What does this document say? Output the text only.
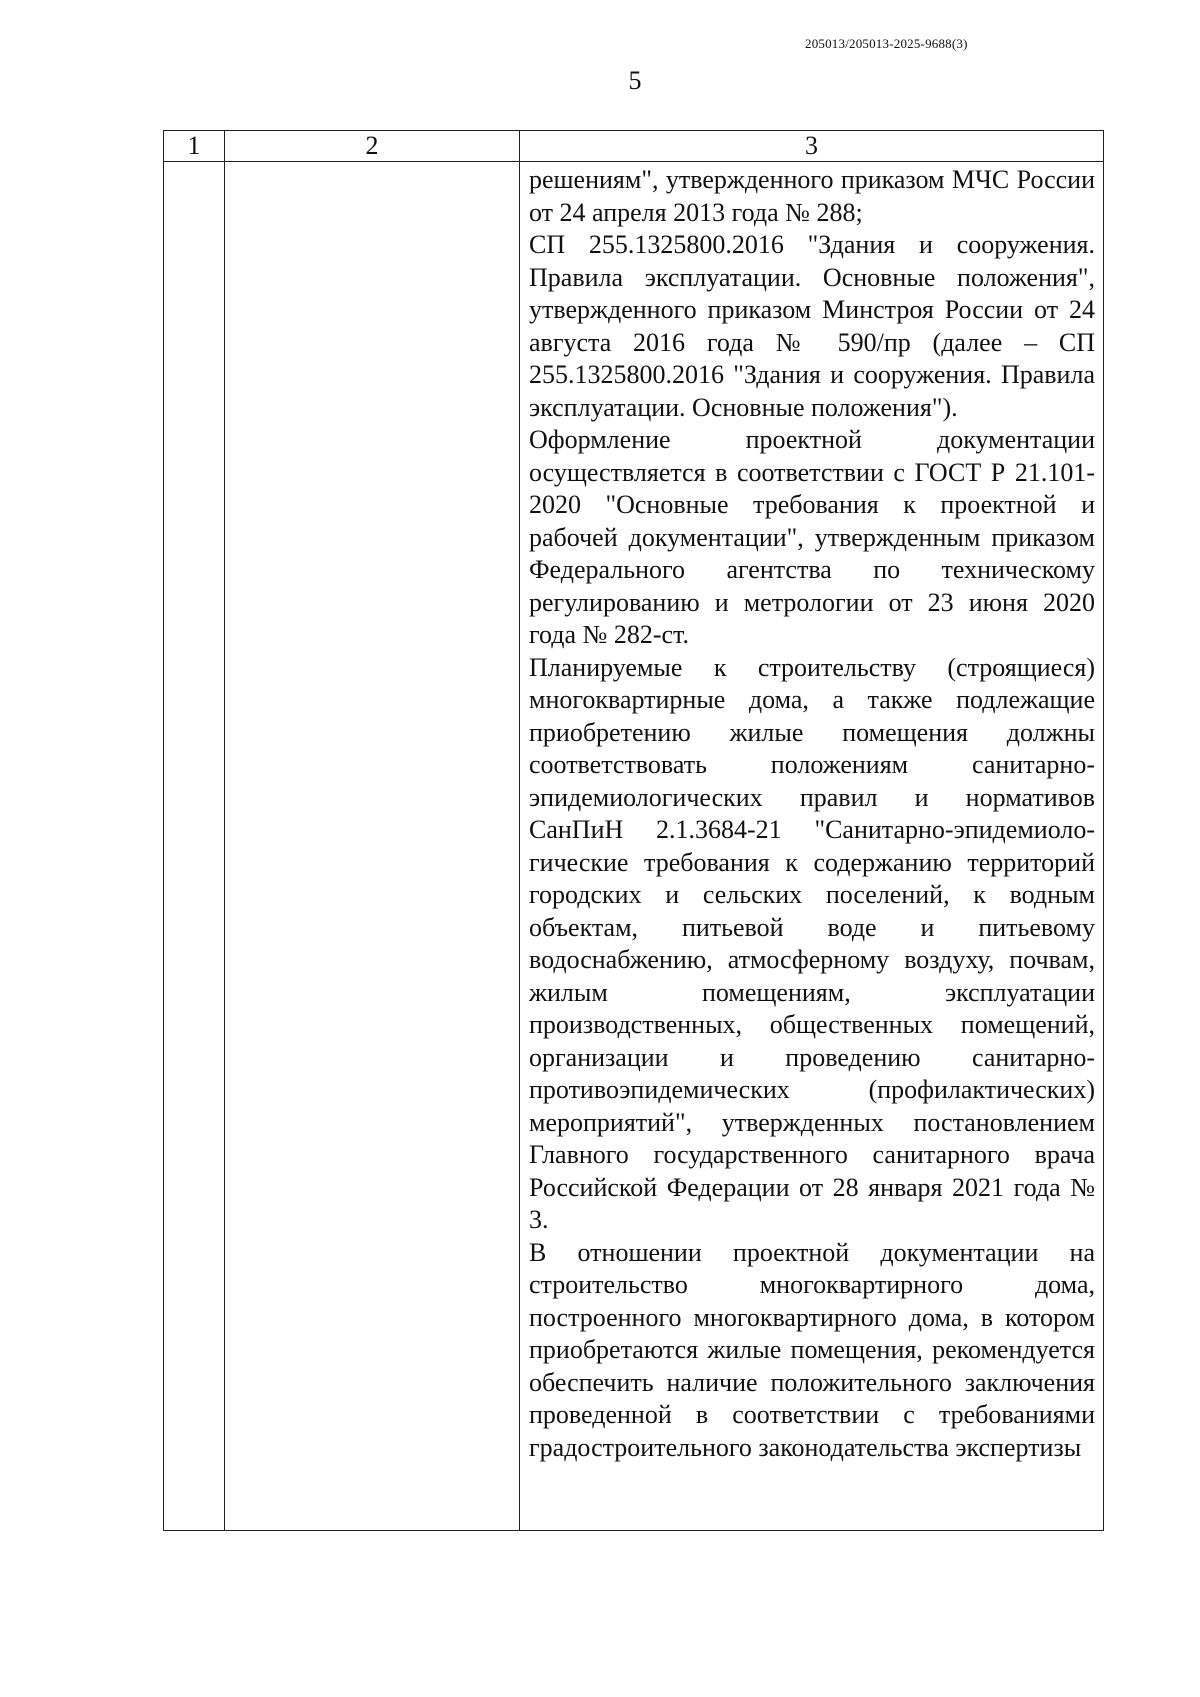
205013/205013-2025-9688(3)
5
1	2	3

		решениям", утвержденного приказом МЧС России от 24 апреля 2013 года № 288;

СП 255.1325800.2016 "Здания и сооружения. Правила эксплуатации. Основные положения", утвержденного приказом Минстроя России от 24 августа 2016 года № 590/пр (далее – СП 255.1325800.2016 "Здания и сооружения. Правила эксплуатации. Основные положения").

Оформление проектной документации осуществляется в соответствии с ГОСТ Р 21.101-2020 "Основные требования к проектной и рабочей документации", утвержденным приказом Федерального агентства по техническому регулированию и метрологии от 23 июня 2020 года № 282-ст.

Планируемые к строительству (строящиеся) многоквартирные дома, а также подлежащие приобретению жилые помещения должны соответствовать положениям санитарно-эпидемиологических правил и нормативов СанПиН 2.1.3684-21 "Санитарно-эпидемиологические требования к содержанию территорий городских и сельских поселений, к водным объектам, питьевой воде и питьевому водоснабжению, атмосферному воздуху, почвам, жилым помещениям, эксплуатации производственных, общественных помещений, организации и проведению санитарно-противоэпидемических (профилактических) мероприятий", утвержденных постановлением Главного государственного санитарного врача Российской Федерации от 28 января 2021 года № 3.

В отношении проектной документации на строительство многоквартирного дома, построенного многоквартирного дома, в котором приобретаются жилые помещения, рекомендуется обеспечить наличие положительного заключения проведенной в соответствии с требованиями градостроительного законодательства экспертизы
